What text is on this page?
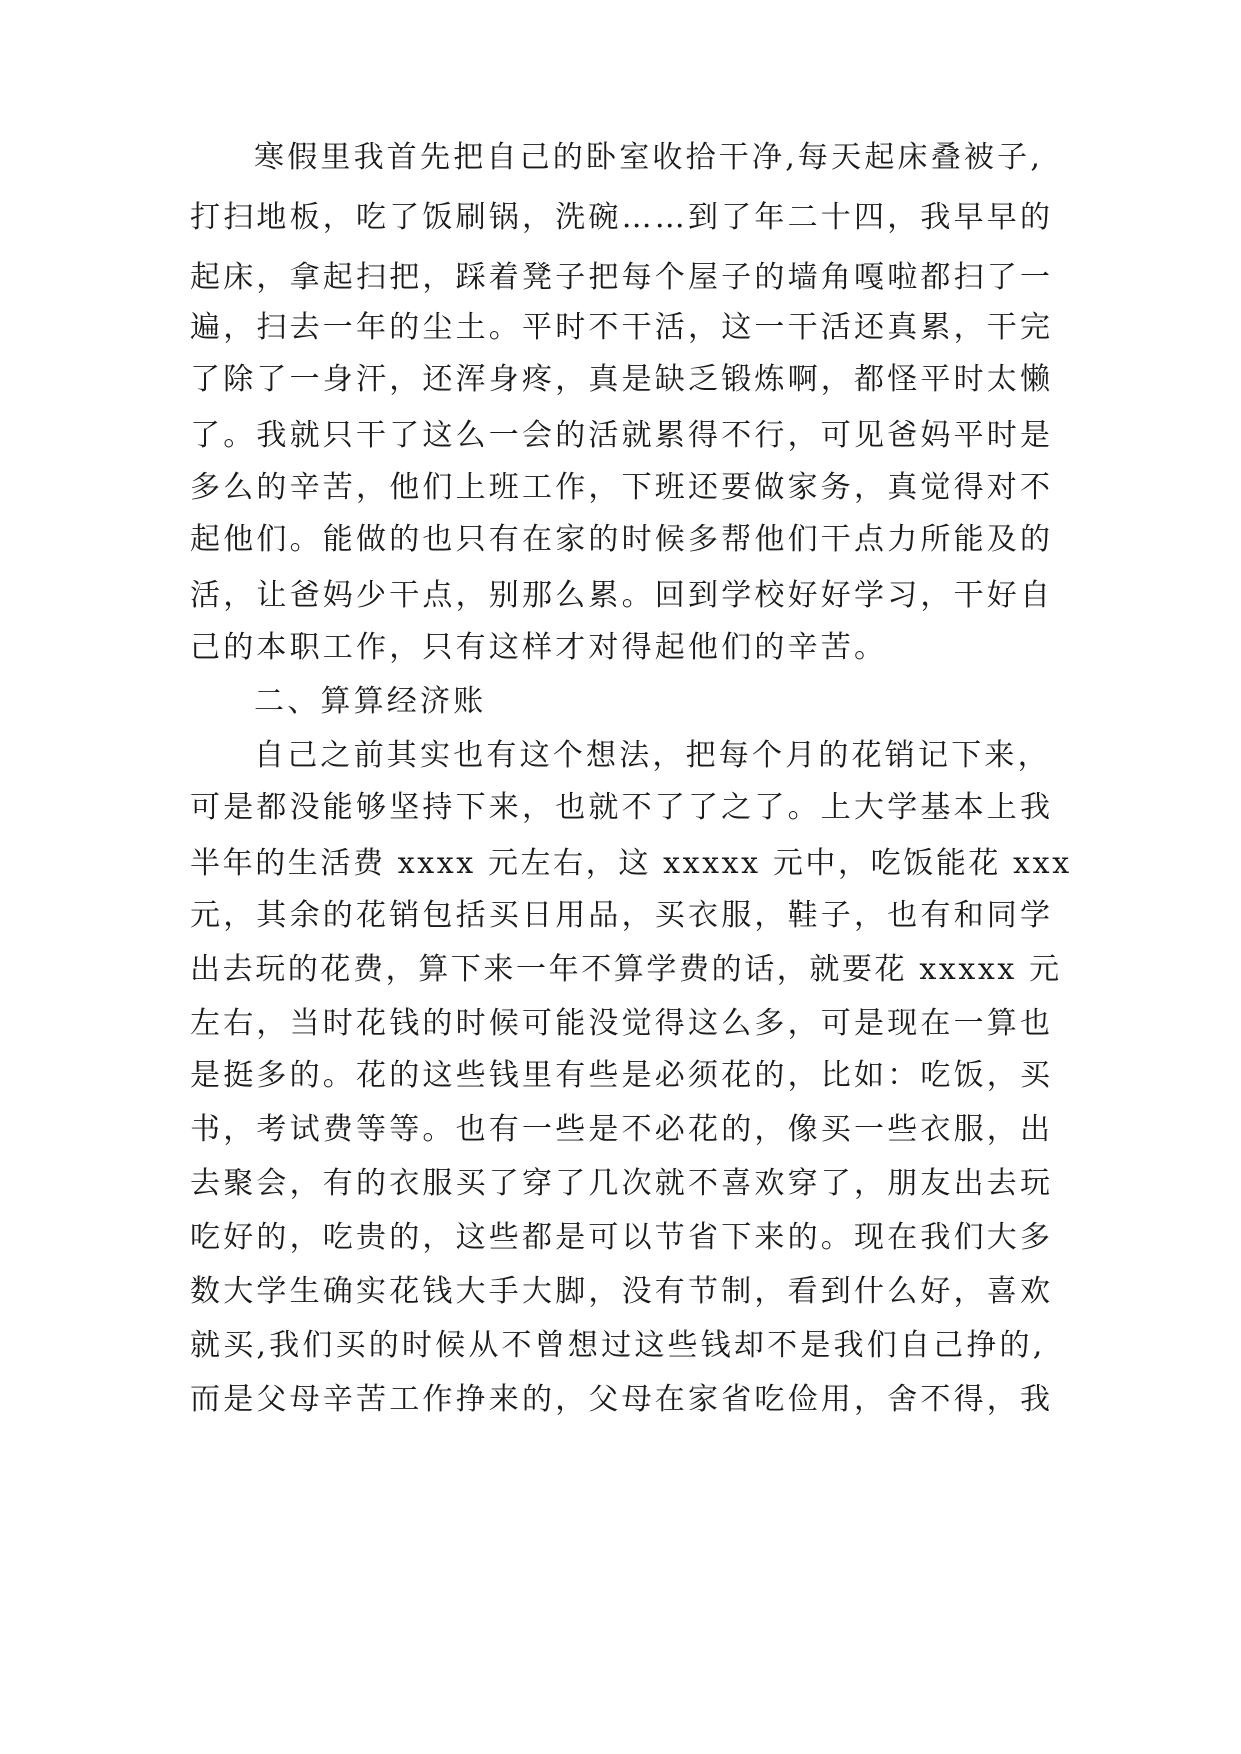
寒假里我首先把自己的卧室收拾干净,每天起床叠被子,
打扫地板，吃了饭刷锅，洗碗……到了年二十四，我早早的
起床，拿起扫把，踩着凳子把每个屋子的墙角嘎啦都扫了一
遍，扫去一年的尘土。平时不干活，这一干活还真累，干完
了除了一身汗，还浑身疼，真是缺乏锻炼啊，都怪平时太懒
了。我就只干了这么一会的活就累得不行，可见爸妈平时是
多么的辛苦，他们上班工作，下班还要做家务，真觉得对不
起他们。能做的也只有在家的时候多帮他们干点力所能及的
活，让爸妈少干点，别那么累。回到学校好好学习，干好自
己的本职工作，只有这样才对得起他们的辛苦。
二、算算经济账
自己之前其实也有这个想法，把每个月的花销记下来，
可是都没能够坚持下来，也就不了了之了。上大学基本上我
半年的生活费 xxxx 元左右，这 xxxxx 元中，吃饭能花 xxx
元，其余的花销包括买日用品，买衣服，鞋子，也有和同学
出去玩的花费，算下来一年不算学费的话，就要花 xxxxx 元
左右，当时花钱的时候可能没觉得这么多，可是现在一算也
是挺多的。花的这些钱里有些是必须花的，比如：吃饭，买
书，考试费等等。也有一些是不必花的，像买一些衣服，出
去聚会，有的衣服买了穿了几次就不喜欢穿了，朋友出去玩
吃好的，吃贵的，这些都是可以节省下来的。现在我们大多
数大学生确实花钱大手大脚，没有节制，看到什么好，喜欢
就买,我们买的时候从不曾想过这些钱却不是我们自己挣的,
而是父母辛苦工作挣来的，父母在家省吃俭用，舍不得，我
